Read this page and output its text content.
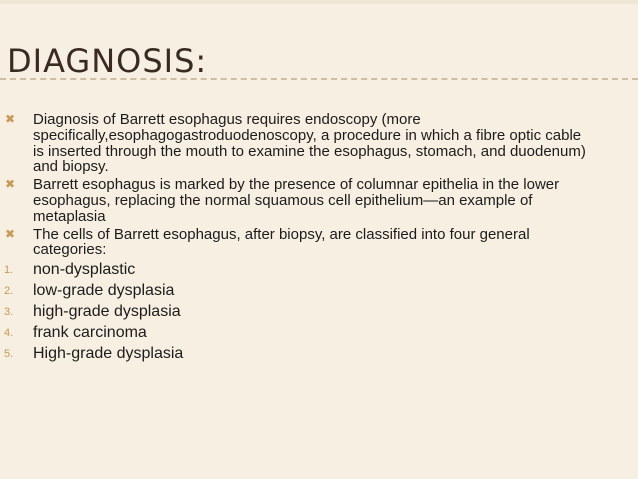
DIAGNOSIS:
✖ Diagnosis of Barrett esophagus requires endoscopy (more specifically,esophagogastroduodenoscopy, a procedure in which a fibre optic cable is inserted through the mouth to examine the esophagus, stomach, and duodenum) and biopsy.
✖ Barrett esophagus is marked by the presence of columnar epithelia in the lower esophagus, replacing the normal squamous cell epithelium—an example of metaplasia
✖ The cells of Barrett esophagus, after biopsy, are classified into four general categories:
1. non-dysplastic
2. low-grade dysplasia
3. high-grade dysplasia
4. frank carcinoma
5. High-grade dysplasia
